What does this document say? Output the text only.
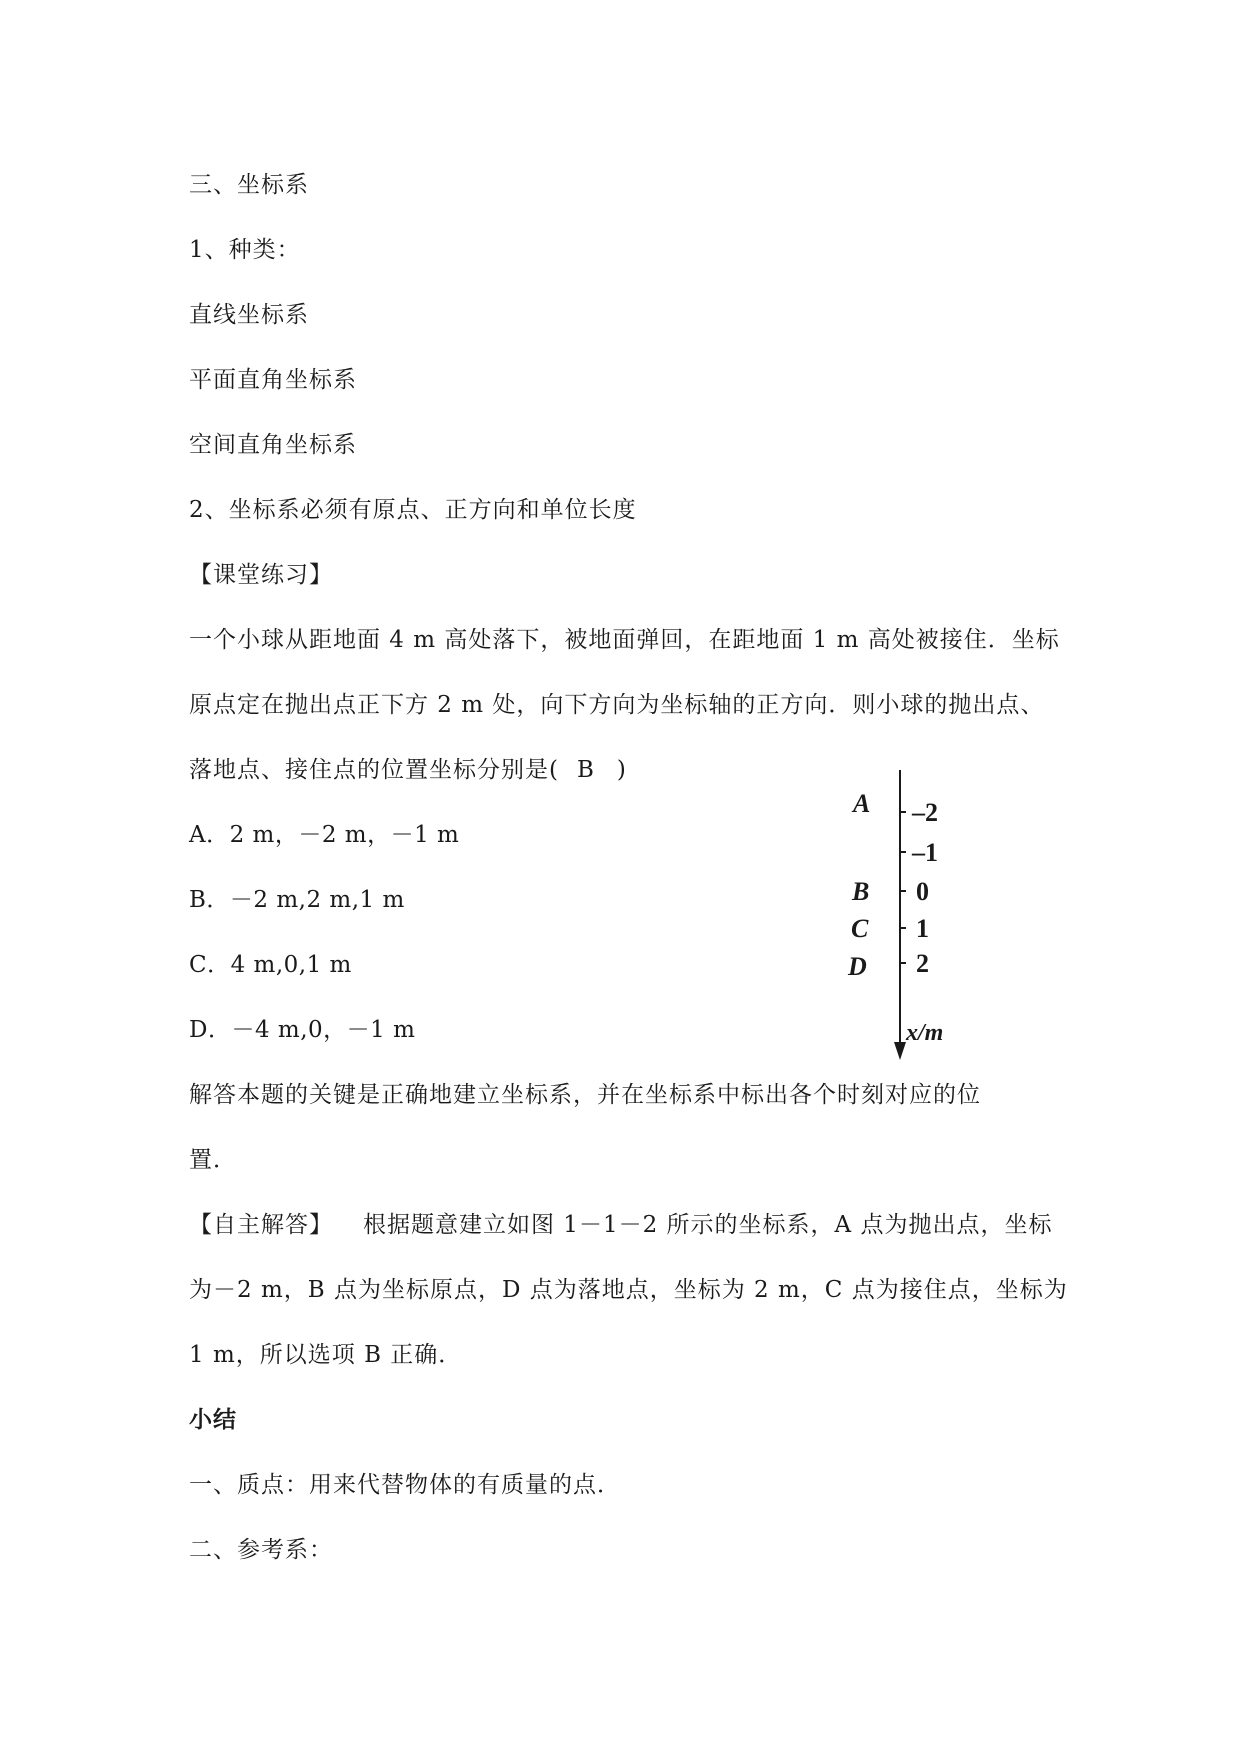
三、坐标系
1、种类：
直线坐标系
平面直角坐标系
空间直角坐标系
2、坐标系必须有原点、正方向和单位长度
【课堂练习】
一个小球从距地面 4 m 高处落下，被地面弹回，在距地面 1 m 高处被接住．坐标
原点定在抛出点正下方 2 m 处，向下方向为坐标轴的正方向．则小球的抛出点、
落地点、接住点的位置坐标分别是( B )
A．2 m，－2 m，－1 m
B．－2 m,2 m,1 m
C．4 m,0,1 m
D．－4 m,0，－1 m
解答本题的关键是正确地建立坐标系，并在坐标系中标出各个时刻对应的位
置．
【自主解答】 根据题意建立如图 1－1－2 所示的坐标系，A 点为抛出点，坐标
为－2 m，B 点为坐标原点，D 点为落地点，坐标为 2 m，C 点为接住点，坐标为
1 m，所以选项 B 正确．
小结
一、质点：用来代替物体的有质量的点．
二、参考系：
–2
–1
0
1
2
A
B
C
D
x/m
